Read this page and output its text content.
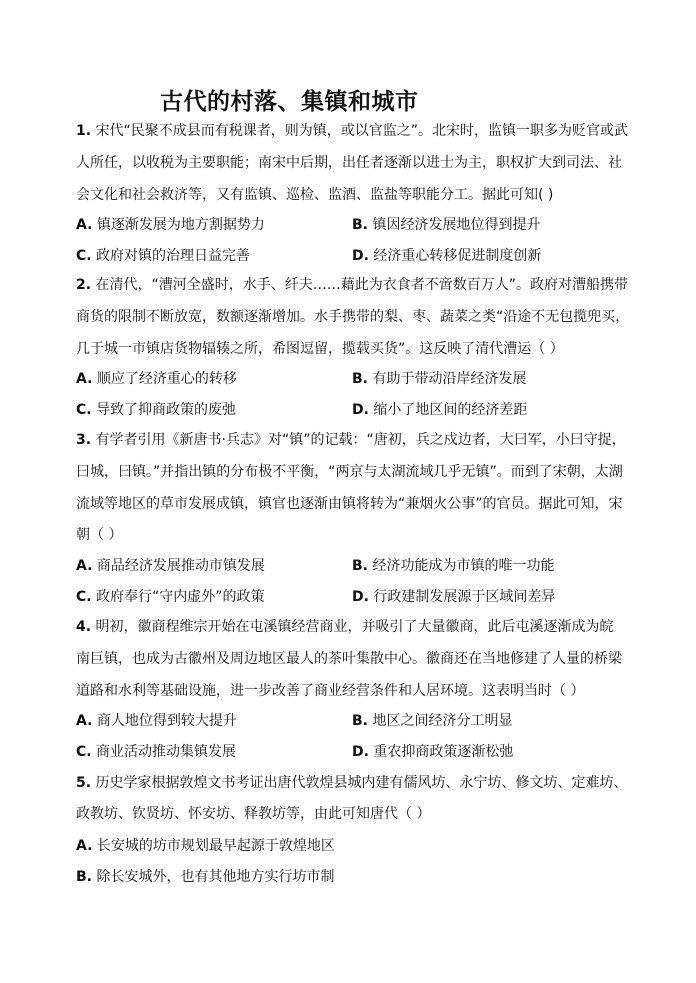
古代的村落、集镇和城市
1. 宋代“民聚不成县而有税课者，则为镇，或以官监之”。北宋时，监镇一职多为贬官或武
人所任，以收税为主要职能；南宋中后期，出任者逐渐以进士为主，职权扩大到司法、社
会文化和社会救济等，又有监镇、巡检、监酒、监盐等职能分工。据此可知( )
A. 镇逐渐发展为地方割据势力	B. 镇因经济发展地位得到提升
C. 政府对镇的治理日益完善	D. 经济重心转移促进制度创新
2. 在清代，“漕河全盛时，水手、纤夫……藉此为衣食者不啻数百万人”。政府对漕船携带
商货的限制不断放宽，数额逐渐增加。水手携带的梨、枣、蔬菜之类“沿途不无包揽兜买，
几于城一市镇店货物辐辏之所，希图逗留，揽载买货”。这反映了清代漕运（ ）
A. 顺应了经济重心的转移	B. 有助于带动沿岸经济发展
C. 导致了抑商政策的废弛	D. 缩小了地区间的经济差距
3. 有学者引用《新唐书·兵志》对“镇”的记载：“唐初，兵之戍边者，大曰军，小曰守捉，
曰城，曰镇。”并指出镇的分布极不平衡，“两京与太湖流域几乎无镇”。而到了宋朝，太湖
流域等地区的草市发展成镇，镇官也逐渐由镇将转为“兼烟火公事”的官员。据此可知，宋
朝（ ）
A. 商品经济发展推动市镇发展	B. 经济功能成为市镇的唯一功能
C. 政府奉行“守内虚外”的政策	D. 行政建制发展源于区域间差异
4. 明初，徽商程维宗开始在屯溪镇经营商业，并吸引了大量徽商，此后屯溪逐渐成为皖
南巨镇，也成为古徽州及周边地区最人的茶叶集散中心。徽商还在当地修建了人量的桥梁
道路和水利等基础设施，进一步改善了商业经营条件和人居环境。这表明当时（ ）
A. 商人地位得到较大提升	B. 地区之间经济分工明显
C. 商业活动推动集镇发展	D. 重农抑商政策逐渐松弛
5. 历史学家根据敦煌文书考证出唐代敦煌县城内建有儒风坊、永宁坊、修文坊、定难坊、
政教坊、钦贤坊、怀安坊、释教坊等，由此可知唐代（ ）
A. 长安城的坊市规划最早起源于敦煌地区
B. 除长安城外，也有其他地方实行坊市制
